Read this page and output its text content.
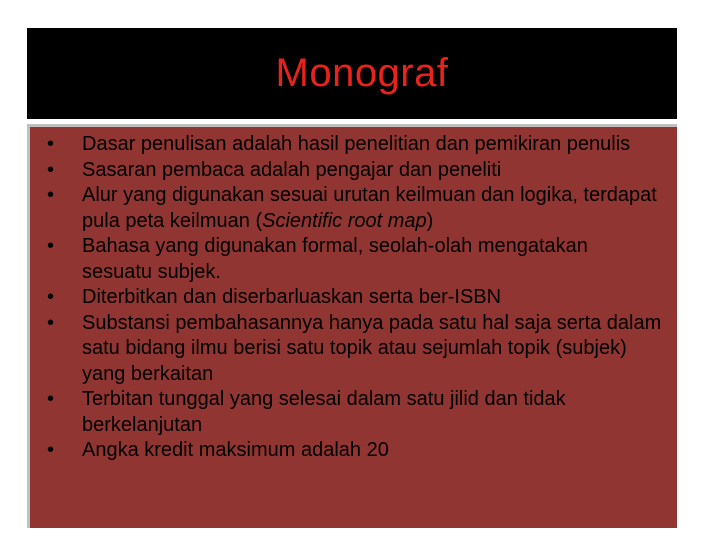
Monograf
• Dasar penulisan adalah hasil penelitian dan pemikiran penulis
• Sasaran pembaca adalah pengajar dan peneliti
• Alur yang digunakan sesuai urutan keilmuan dan logika, terdapat pula peta keilmuan (Scientific root map)
• Bahasa yang digunakan formal, seolah-olah mengatakan sesuatu subjek.
• Diterbitkan dan diserbarluaskan serta ber-ISBN
• Substansi pembahasannya hanya pada satu hal saja serta dalam satu bidang ilmu berisi satu topik atau sejumlah topik (subjek) yang berkaitan
• Terbitan tunggal yang selesai dalam satu jilid dan tidak berkelanjutan
• Angka kredit maksimum adalah 20
